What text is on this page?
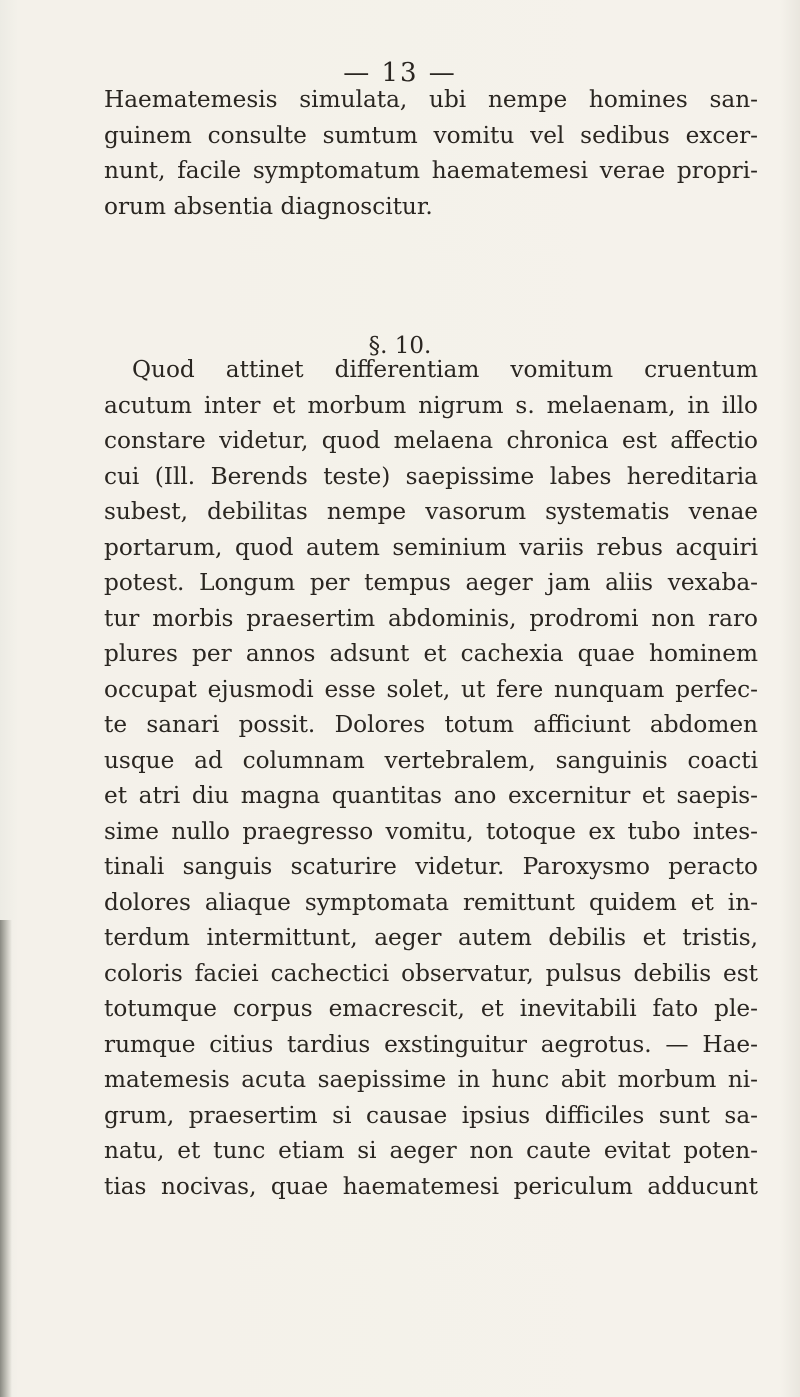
— 13 —
Haematemesis simulata, ubi nempe homines san-
guinem consulte sumtum vomitu vel sedibus excer-
nunt, facile symptomatum haematemesi verae propri-
orum absentia diagnoscitur.
§. 10.
Quod attinet differentiam vomitum cruentum
acutum inter et morbum nigrum s. melaenam, in illo
constare videtur, quod melaena chronica est affectio
cui (Ill. Berends teste) saepissime labes hereditaria
subest, debilitas nempe vasorum systematis venae
portarum, quod autem seminium variis rebus acquiri
potest. Longum per tempus aeger jam aliis vexaba-
tur morbis praesertim abdominis, prodromi non raro
plures per annos adsunt et cachexia quae hominem
occupat ejusmodi esse solet, ut fere nunquam perfec-
te sanari possit. Dolores totum afficiunt abdomen
usque ad columnam vertebralem, sanguinis coacti
et atri diu magna quantitas ano excernitur et saepis-
sime nullo praegresso vomitu, totoque ex tubo intes-
tinali sanguis scaturire videtur. Paroxysmo peracto
dolores aliaque symptomata remittunt quidem et in-
terdum intermittunt, aeger autem debilis et tristis,
coloris faciei cachectici observatur, pulsus debilis est
totumque corpus emacrescit, et inevitabili fato ple-
rumque citius tardius exstinguitur aegrotus. — Hae-
matemesis acuta saepissime in hunc abit morbum ni-
grum, praesertim si causae ipsius difficiles sunt sa-
natu, et tunc etiam si aeger non caute evitat poten-
tias nocivas, quae haematemesi periculum adducunt
